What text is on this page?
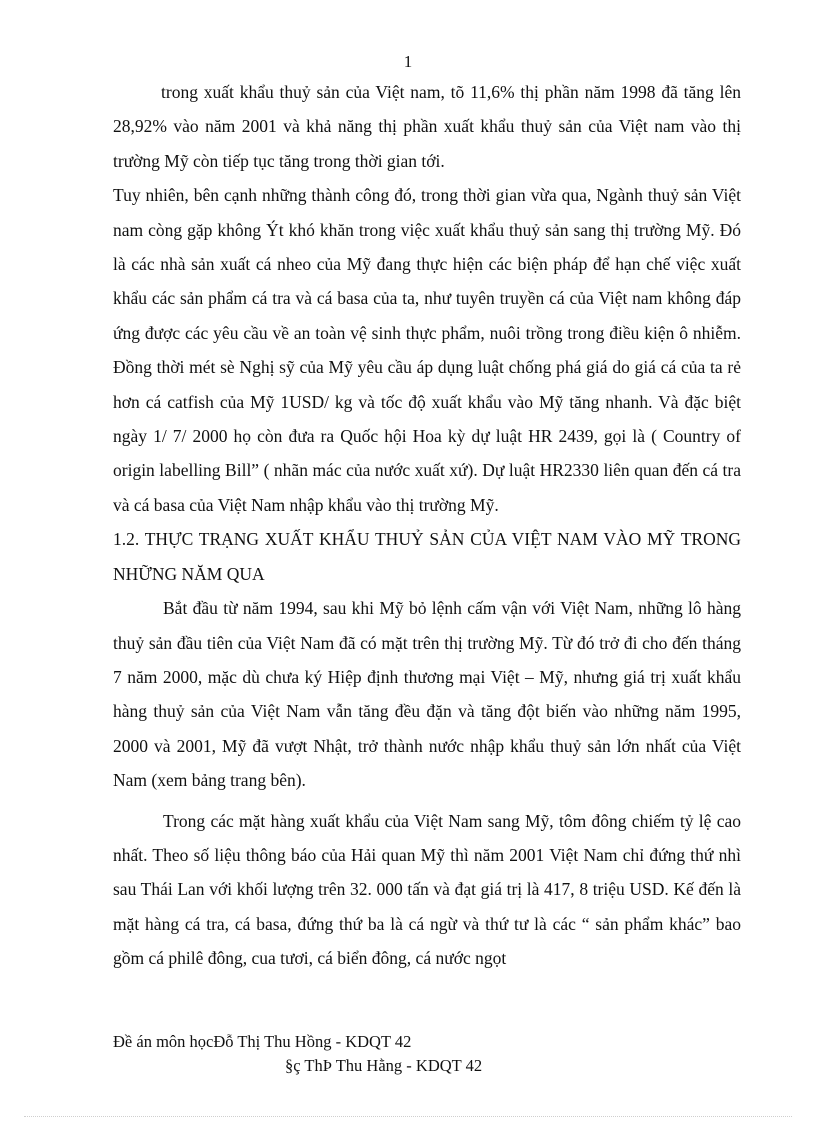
1

trong xuất khẩu thuỷ sản của Việt nam, tõ 11,6% thị phần năm 1998 đã tăng lên 28,92% vào năm 2001 và khả năng thị phần xuất khẩu thuỷ sản của Việt nam vào thị trường Mỹ còn tiếp tục tăng trong thời gian tới.

Tuy nhiên, bên cạnh những thành công đó, trong thời gian vừa qua, Ngành thuỷ sản Việt nam còng gặp không Ýt khó khăn trong việc xuất khẩu thuỷ sản sang thị trường Mỹ. Đó là các nhà sản xuất cá nheo của Mỹ đang thực hiện các biện pháp để hạn chế việc xuất khẩu các sản phẩm cá tra và cá basa của ta, như tuyên truyền cá của Việt nam không đáp ứng được các yêu cầu về an toàn vệ sinh thực phẩm, nuôi trồng trong điều kiện ô nhiễm. Đồng thời mét sè Nghị sỹ của Mỹ yêu cầu áp dụng luật chống phá giá do giá cá của ta rẻ hơn cá catfish của Mỹ 1USD/ kg và tốc độ xuất khẩu vào Mỹ tăng nhanh. Và đặc biệt ngày 1/ 7/ 2000 họ còn đưa ra Quốc hội Hoa kỳ dự luật HR 2439, gọi là ( Country of origin labelling Bill” ( nhãn mác của nước xuất xứ). Dự luật HR2330 liên quan đến cá tra và cá basa của Việt Nam nhập khẩu vào thị trường Mỹ.

1.2. THỰC TRẠNG XUẤT KHẨU THUỶ SẢN CỦA VIỆT NAM VÀO MỸ TRONG NHỮNG NĂM QUA

Bắt đầu từ năm 1994, sau khi Mỹ bỏ lệnh cấm vận với Việt Nam, những lô hàng thuỷ sản đầu tiên của Việt Nam đã có mặt trên thị trường Mỹ. Từ đó trở đi cho đến tháng 7 năm 2000, mặc dù chưa ký Hiệp định thương mại Việt – Mỹ, nhưng giá trị xuất khẩu hàng thuỷ sản của Việt Nam vẫn tăng đều đặn và tăng đột biến vào những năm 1995, 2000 và 2001, Mỹ đã vượt Nhật, trở thành nước nhập khẩu thuỷ sản lớn nhất của Việt Nam (xem bảng trang bên).

Trong các mặt hàng xuất khẩu của Việt Nam sang Mỹ, tôm đông chiếm tỷ lệ cao nhất. Theo số liệu thông báo của Hải quan Mỹ thì năm 2001 Việt Nam chỉ đứng thứ nhì sau Thái Lan với khối lượng trên 32. 000 tấn và đạt giá trị là 417, 8 triệu USD. Kế đến là mặt hàng cá tra, cá basa, đứng thứ ba là cá ngừ và thứ tư là các “ sản phẩm khác” bao gồm cá philê đông, cua tươi, cá biển đông, cá nước ngọt

Đề án môn họcĐỗ Thị Thu Hồng - KDQT 42
§ç ThÞ Thu Hằng - KDQT 42
